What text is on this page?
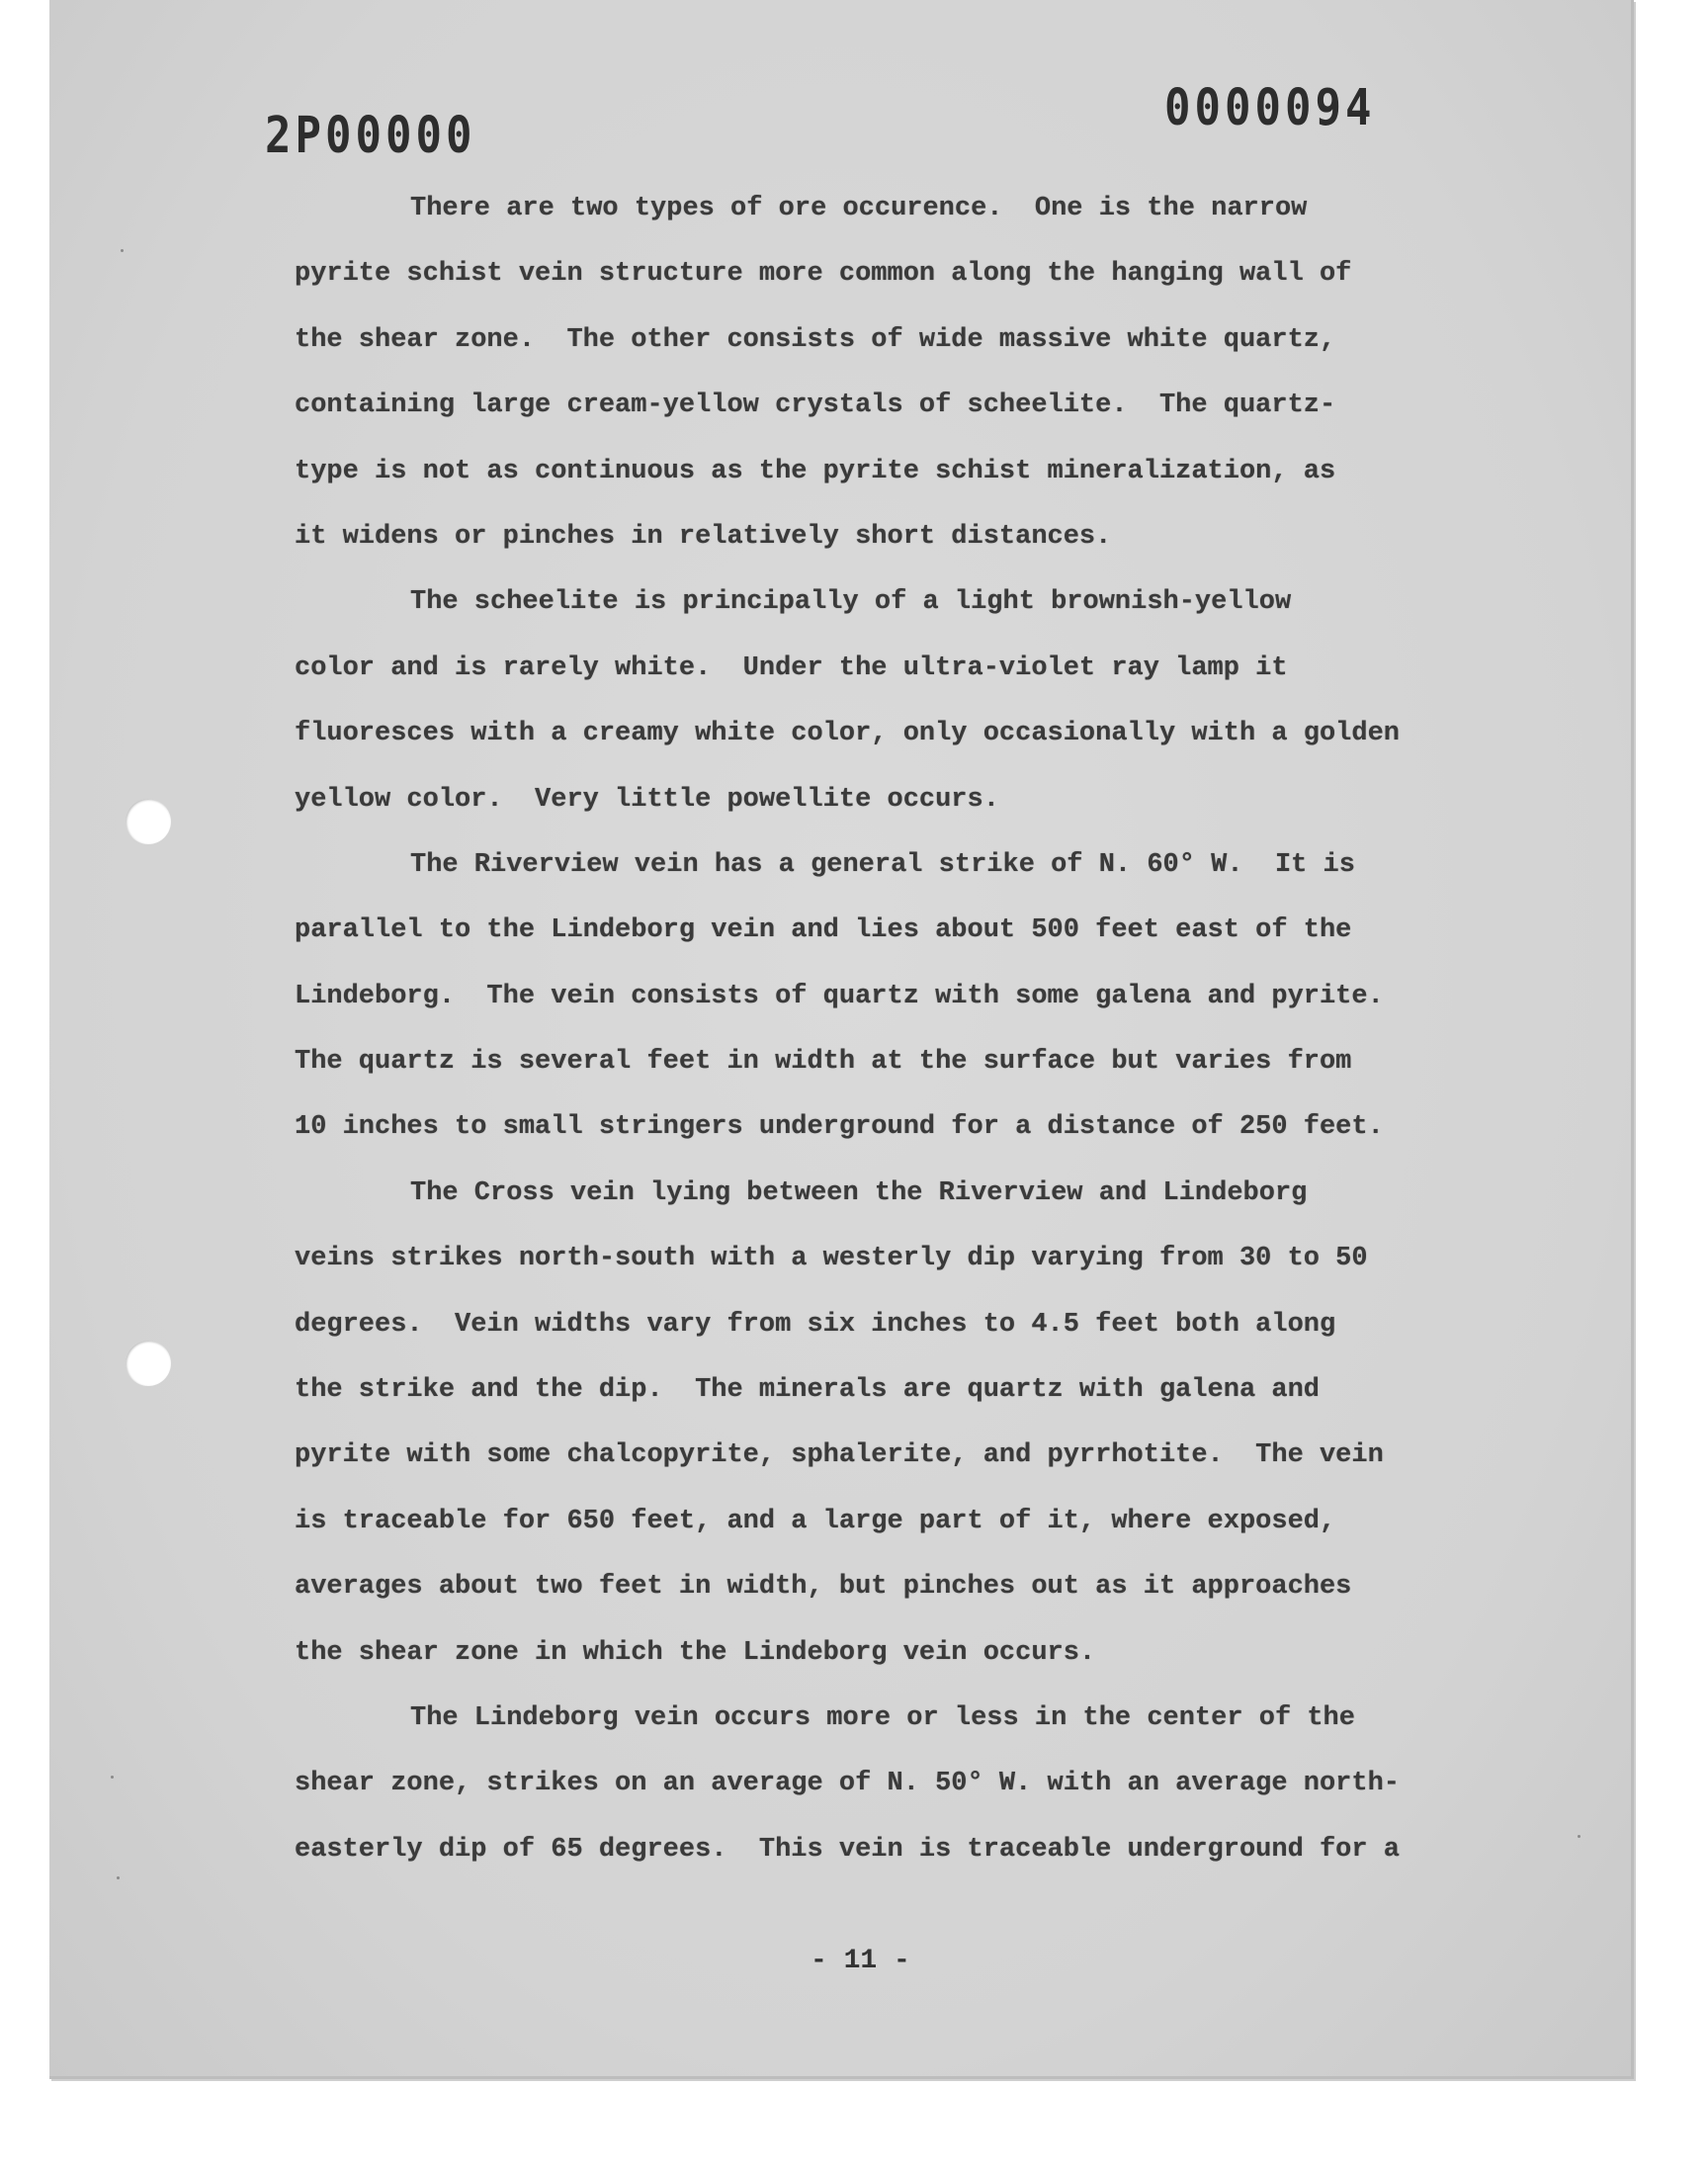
2P00000	0000094
There are two types of ore occurence.  One is the narrow
pyrite schist vein structure more common along the hanging wall of
the shear zone.  The other consists of wide massive white quartz,
containing large cream-yellow crystals of scheelite.  The quartz-
type is not as continuous as the pyrite schist mineralization, as
it widens or pinches in relatively short distances.
The scheelite is principally of a light brownish-yellow
color and is rarely white.  Under the ultra-violet ray lamp it
fluoresces with a creamy white color, only occasionally with a golden
yellow color.  Very little powellite occurs.
The Riverview vein has a general strike of N. 60° W.  It is
parallel to the Lindeborg vein and lies about 500 feet east of the
Lindeborg.  The vein consists of quartz with some galena and pyrite.
The quartz is several feet in width at the surface but varies from
10 inches to small stringers underground for a distance of 250 feet.
The Cross vein lying between the Riverview and Lindeborg
veins strikes north-south with a westerly dip varying from 30 to 50
degrees.  Vein widths vary from six inches to 4.5 feet both along
the strike and the dip.  The minerals are quartz with galena and
pyrite with some chalcopyrite, sphalerite, and pyrrhotite.  The vein
is traceable for 650 feet, and a large part of it, where exposed,
averages about two feet in width, but pinches out as it approaches
the shear zone in which the Lindeborg vein occurs.
The Lindeborg vein occurs more or less in the center of the
shear zone, strikes on an average of N. 50° W. with an average north-
easterly dip of 65 degrees.  This vein is traceable underground for a
- 11 -
